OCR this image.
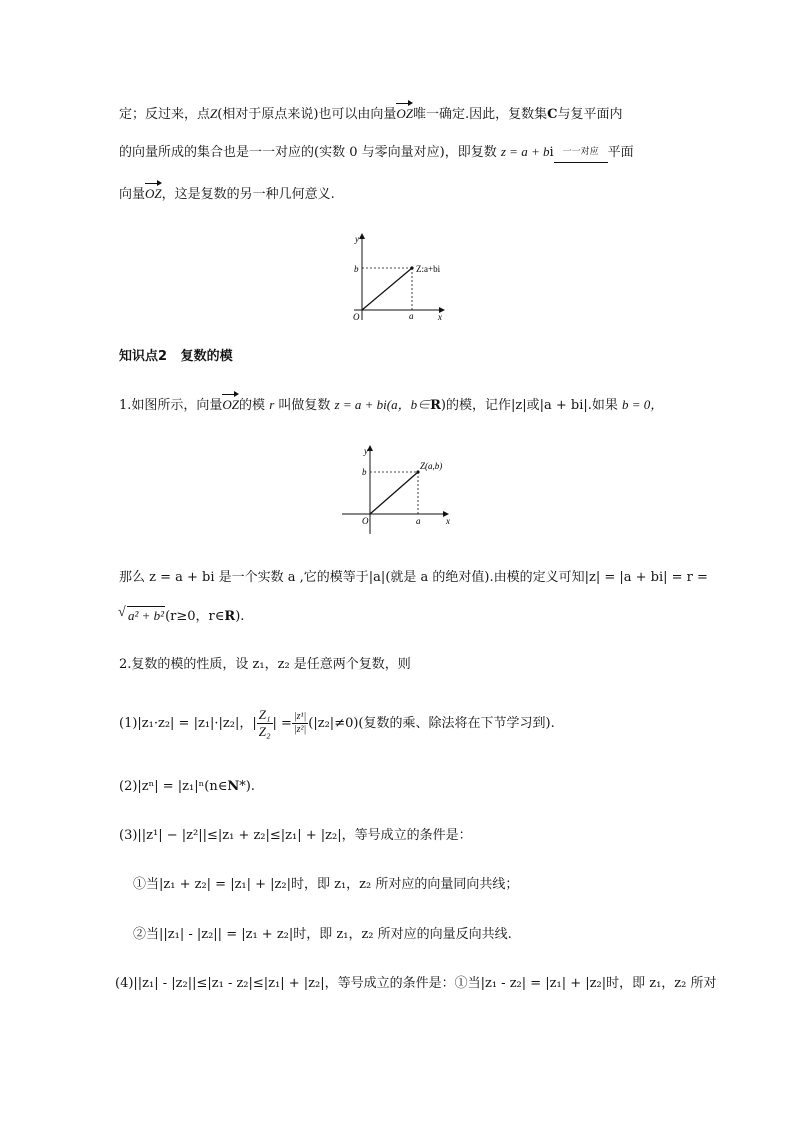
定；反过来，点Z(相对于原点来说)也可以由向量OZ唯一确定.因此，复数集C与复平面内
的向量所成的集合也是一一对应的(实数 0 与零向量对应)，即复数 z = a + bi 一一对应 平面
向量OZ，这是复数的另一种几何意义.
y
x
b
a
O
Z:a+bi
知识点2 复数的模
1.如图所示，向量OZ的模 r 叫做复数 z = a + bi(a，b∈R)的模，记作|z|或|a + bi|.如果 b = 0，
y
x
b
a
O
Z(a,b)
那么 z = a + bi 是一个实数 a ,它的模等于|a|(就是 a 的绝对值).由模的定义可知|z| = |a + bi| = r =
√ a² + b²(r≥0，r∈R).
2.复数的模的性质，设 z₁，z₂ 是任意两个复数，则
(1)|z₁·z₂| = |z₁|·|z₂|，| $\frac{\text{Z₁}}{\text{Z₂}}$ | = $\frac{\text{|z¹|}}{\text{|z²|}} (|z_2|\ne 0)$(复数的乘、除法将在下节学习到).
(2)|zⁿ| = |z₁|ⁿ(n∈N*).
(3)||z¹| − |z²||≤|z₁ + z₂|≤|z₁| + |z₂|，等号成立的条件是：
①当|z₁ + z₂| = |z₁| + |z₂|时，即 z₁，z₂ 所对应的向量同向共线；
②当||z₁| - |z₂|| = |z₁ + z₂|时，即 z₁，z₂ 所对应的向量反向共线.
(4)||z₁| - |z₂||≤|z₁ - z₂|≤|z₁| + |z₂|，等号成立的条件是：①当|z₁ - z₂| = |z₁| + |z₂|时，即 z₁，z₂ 所对
